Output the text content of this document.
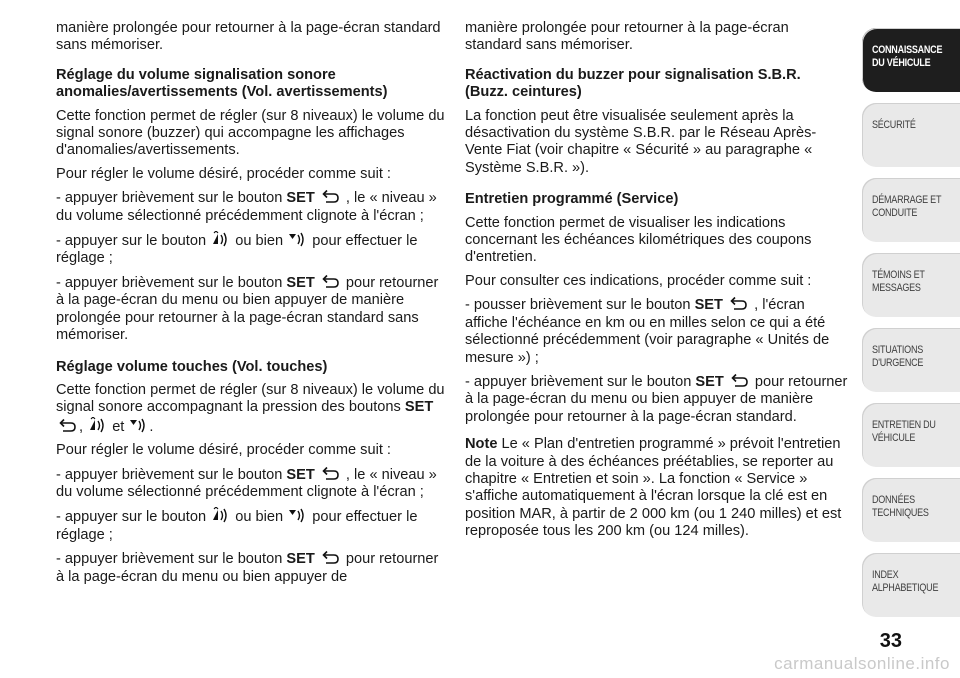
manière prolongée pour retourner à la page-écran standard sans mémoriser.

Réglage du volume signalisation sonore
anomalies/avertissements (Vol. avertissements)

Cette fonction permet de régler (sur 8 niveaux) le volume du signal sonore (buzzer) qui accompagne les affichages d'anomalies/avertissements.

Pour régler le volume désiré, procéder comme suit :

- appuyer brièvement sur le bouton SET , le « niveau » du volume sélectionné précédemment clignote à l'écran ;

- appuyer sur le bouton ou bien pour effectuer le réglage ;

- appuyer brièvement sur le bouton SET pour retourner à la page-écran du menu ou bien appuyer de manière prolongée pour retourner à la page-écran standard sans mémoriser.

Réglage volume touches (Vol. touches)

Cette fonction permet de régler (sur 8 niveaux) le volume du signal sonore accompagnant la pression des boutons SET , et .

Pour régler le volume désiré, procéder comme suit :

- appuyer brièvement sur le bouton SET , le « niveau » du volume sélectionné précédemment clignote à l'écran ;

- appuyer sur le bouton ou bien pour effectuer le réglage ;

- appuyer brièvement sur le bouton SET pour retourner à la page-écran du menu ou bien appuyer de

manière prolongée pour retourner à la page-écran standard sans mémoriser.

Réactivation du buzzer pour signalisation S.B.R.
(Buzz. ceintures)

La fonction peut être visualisée seulement après la désactivation du système S.B.R. par le Réseau Après-Vente Fiat (voir chapitre « Sécurité » au paragraphe « Système S.B.R. »).

Entretien programmé (Service)

Cette fonction permet de visualiser les indications concernant les échéances kilométriques des coupons d'entretien.

Pour consulter ces indications, procéder comme suit :

- pousser brièvement sur le bouton SET , l'écran affiche l'échéance en km ou en milles selon ce qui a été sélectionné précédemment (voir paragraphe « Unités de mesure ») ;

- appuyer brièvement sur le bouton SET pour retourner à la page-écran du menu ou bien appuyer de manière prolongée pour retourner à la page-écran standard.

Note Le « Plan d'entretien programmé » prévoit l'entretien de la voiture à des échéances préétablies, se reporter au chapitre « Entretien et soin ». La fonction « Service » s'affiche automatiquement à l'écran lorsque la clé est en position MAR, à partir de 2 000 km (ou 1 240 milles) et est reproposée tous les 200 km (ou 124 milles).

CONNAISSANCE
DU VÉHICULE
SÉCURITÉ
DÉMARRAGE ET
CONDUITE
TÉMOINS ET
MESSAGES
SITUATIONS
D'URGENCE
ENTRETIEN DU
VÉHICULE
DONNÉES
TECHNIQUES
INDEX
ALPHABETIQUE
33
carmanualsonline.info
